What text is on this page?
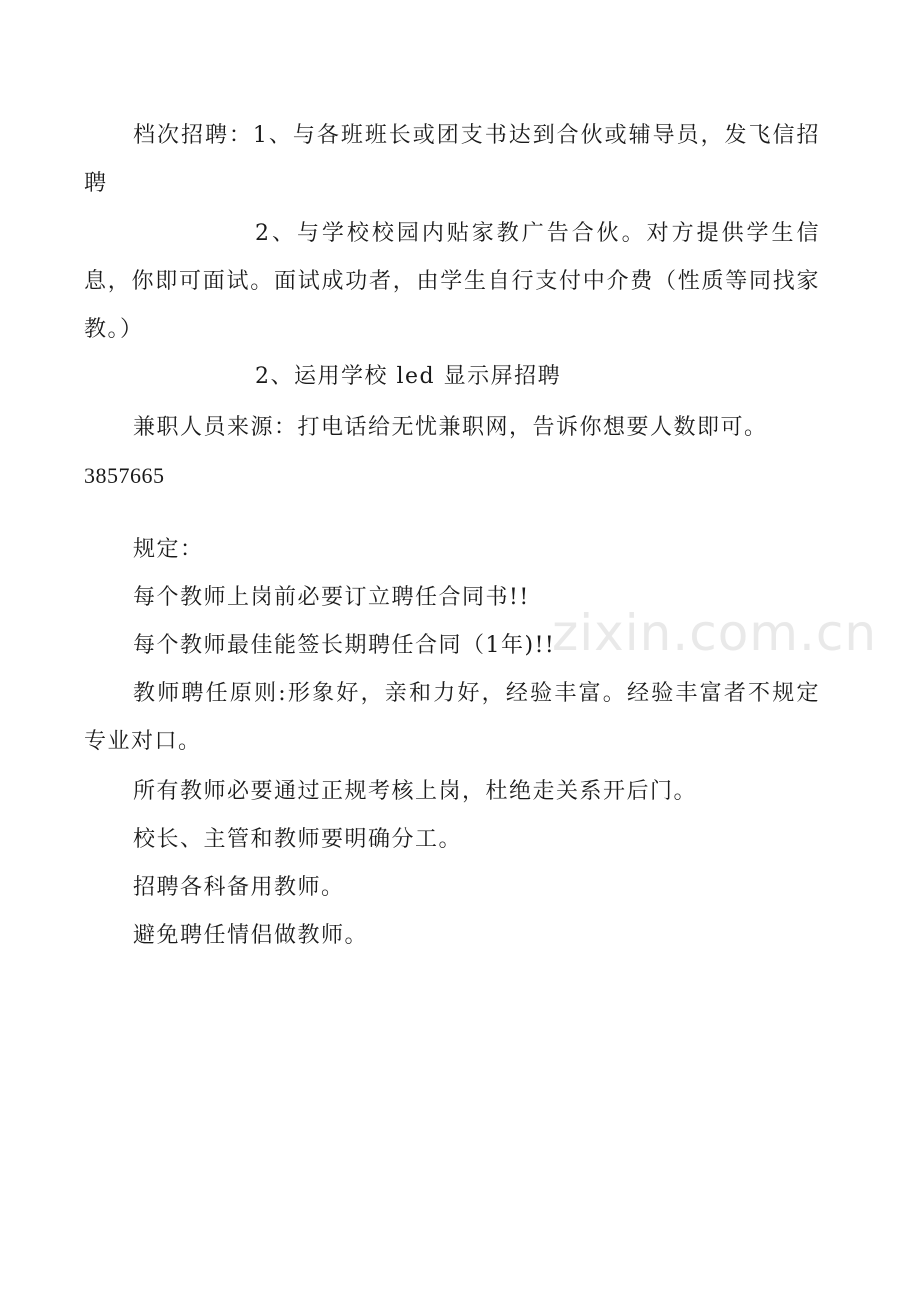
zixin.com.cn

档次招聘：1、与各班班长或团支书达到合伙或辅导员，发飞信招聘

2、与学校校园内贴家教广告合伙。对方提供学生信息，你即可面试。面试成功者，由学生自行支付中介费（性质等同找家教。）

2、运用学校 led 显示屏招聘

兼职人员来源：打电话给无忧兼职网，告诉你想要人数即可。

3857665

规定：

每个教师上岗前必要订立聘任合同书!!

每个教师最佳能签长期聘任合同（1年)!!

教师聘任原则:形象好，亲和力好，经验丰富。经验丰富者不规定专业对口。

所有教师必要通过正规考核上岗，杜绝走关系开后门。

校长、主管和教师要明确分工。

招聘各科备用教师。

避免聘任情侣做教师。
